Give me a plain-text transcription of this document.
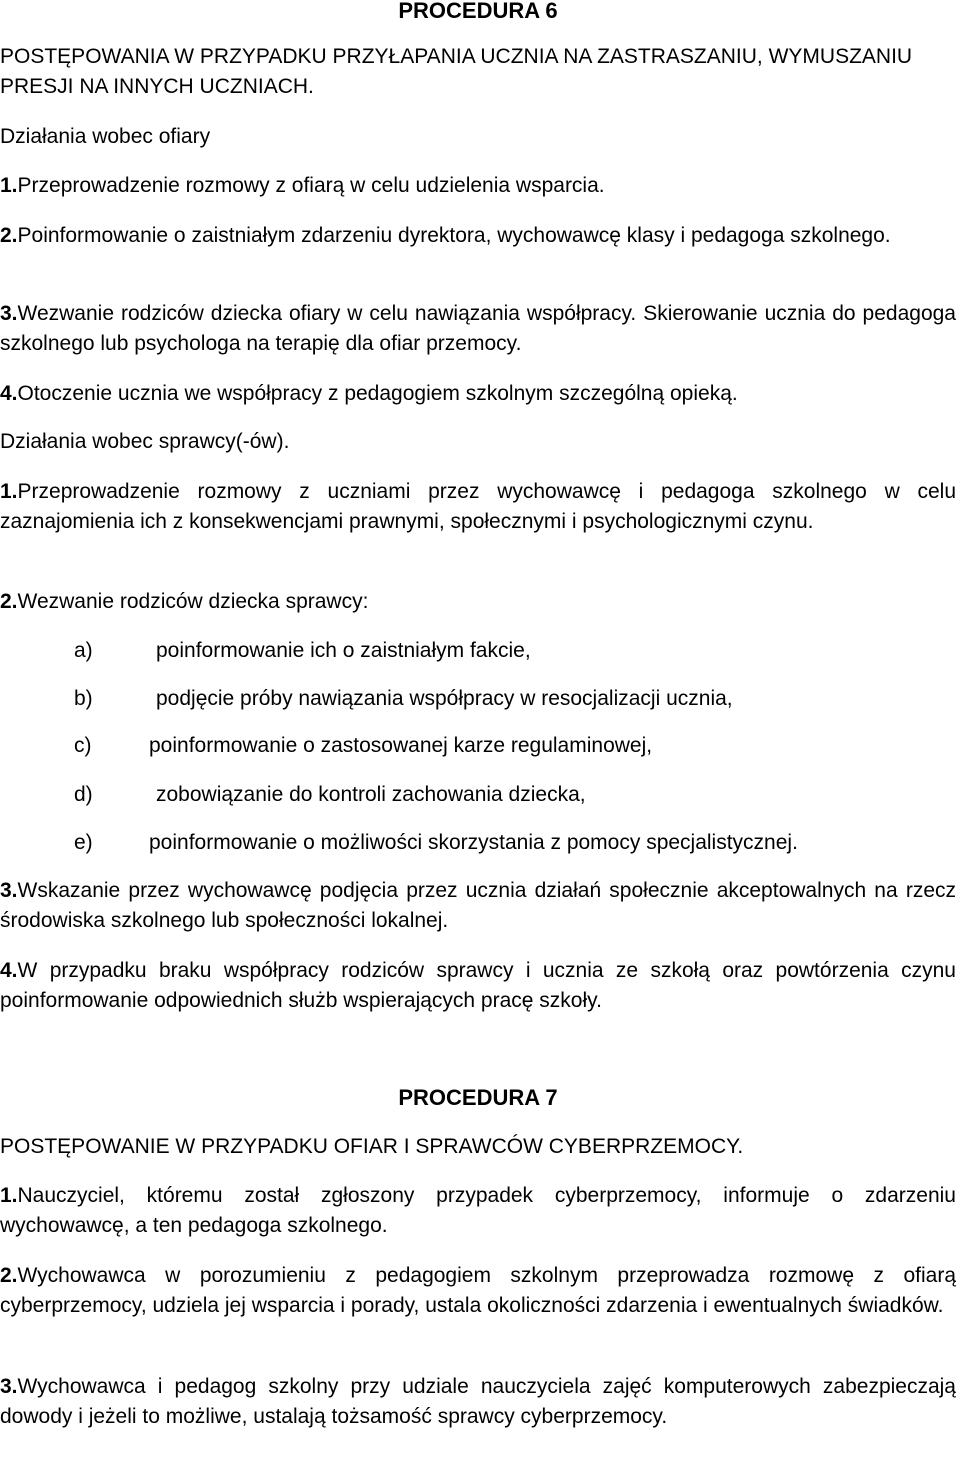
PROCEDURA 6

POSTĘPOWANIA W PRZYPADKU PRZYŁAPANIA UCZNIA NA ZASTRASZANIU, WYMUSZANIU PRESJI NA INNYCH UCZNIACH.

Działania wobec ofiary

1.Przeprowadzenie rozmowy z ofiarą w celu udzielenia wsparcia.

2.Poinformowanie o zaistniałym zdarzeniu dyrektora, wychowawcę klasy i pedagoga szkolnego.

3.Wezwanie rodziców dziecka ofiary w celu nawiązania współpracy. Skierowanie ucznia do pedagoga szkolnego lub psychologa na terapię dla ofiar przemocy.

4.Otoczenie ucznia we współpracy z pedagogiem szkolnym szczególną opieką.

Działania wobec sprawcy(-ów).

1.Przeprowadzenie rozmowy z uczniami przez wychowawcę i pedagoga szkolnego w celu zaznajomienia ich z konsekwencjami prawnymi, społecznymi i psychologicznymi czynu.

2.Wezwanie rodziców dziecka sprawcy:

a)	poinformowanie ich o zaistniałym fakcie,
b)	podjęcie próby nawiązania współpracy w resocjalizacji ucznia,
c)	poinformowanie o zastosowanej karze regulaminowej,
d)	zobowiązanie do kontroli zachowania dziecka,
e)	poinformowanie o możliwości skorzystania z pomocy specjalistycznej.

3.Wskazanie przez wychowawcę podjęcia przez ucznia działań społecznie akceptowalnych na rzecz środowiska szkolnego lub społeczności lokalnej.

4.W przypadku braku współpracy rodziców sprawcy i ucznia ze szkołą oraz powtórzenia czynu poinformowanie odpowiednich służb wspierających pracę szkoły.

PROCEDURA 7

POSTĘPOWANIE W PRZYPADKU OFIAR I SPRAWCÓW CYBERPRZEMOCY.

1.Nauczyciel, któremu został zgłoszony przypadek cyberprzemocy, informuje o zdarzeniu wychowawcę, a ten pedagoga szkolnego.

2.Wychowawca w porozumieniu z pedagogiem szkolnym przeprowadza rozmowę z ofiarą cyberprzemocy, udziela jej wsparcia i porady, ustala okoliczności zdarzenia i ewentualnych świadków.

3.Wychowawca i pedagog szkolny przy udziale nauczyciela zajęć komputerowych zabezpieczają dowody i jeżeli to możliwe, ustalają tożsamość sprawcy cyberprzemocy.
